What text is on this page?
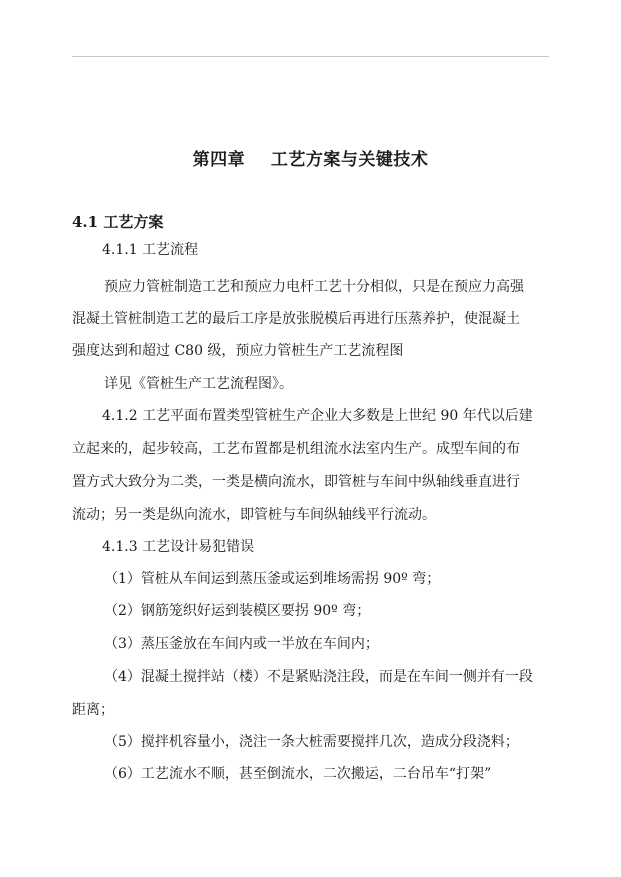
第四章    工艺方案与关键技术
4.1 工艺方案
4.1.1 工艺流程
预应力管桩制造工艺和预应力电杆工艺十分相似，只是在预应力高强
混凝土管桩制造工艺的最后工序是放张脱模后再进行压蒸养护，使混凝土
强度达到和超过 C80 级，预应力管桩生产工艺流程图
详见《管桩生产工艺流程图》。
4.1.2 工艺平面布置类型管桩生产企业大多数是上世纪 90 年代以后建
立起来的，起步较高，工艺布置都是机组流水法室内生产。成型车间的布
置方式大致分为二类，一类是横向流水，即管桩与车间中纵轴线垂直进行
流动；另一类是纵向流水，即管桩与车间纵轴线平行流动。
4.1.3 工艺设计易犯错误
（1）管桩从车间运到蒸压釜或运到堆场需拐 90º 弯；
（2）钢筋笼织好运到装模区要拐 90º 弯；
（3）蒸压釜放在车间内或一半放在车间内；
（4）混凝土搅拌站（楼）不是紧贴浇注段，而是在车间一侧并有一段
距离；
（5）搅拌机容量小，浇注一条大桩需要搅拌几次，造成分段浇料；
（6）工艺流水不顺，甚至倒流水，二次搬运，二台吊车“打架”
